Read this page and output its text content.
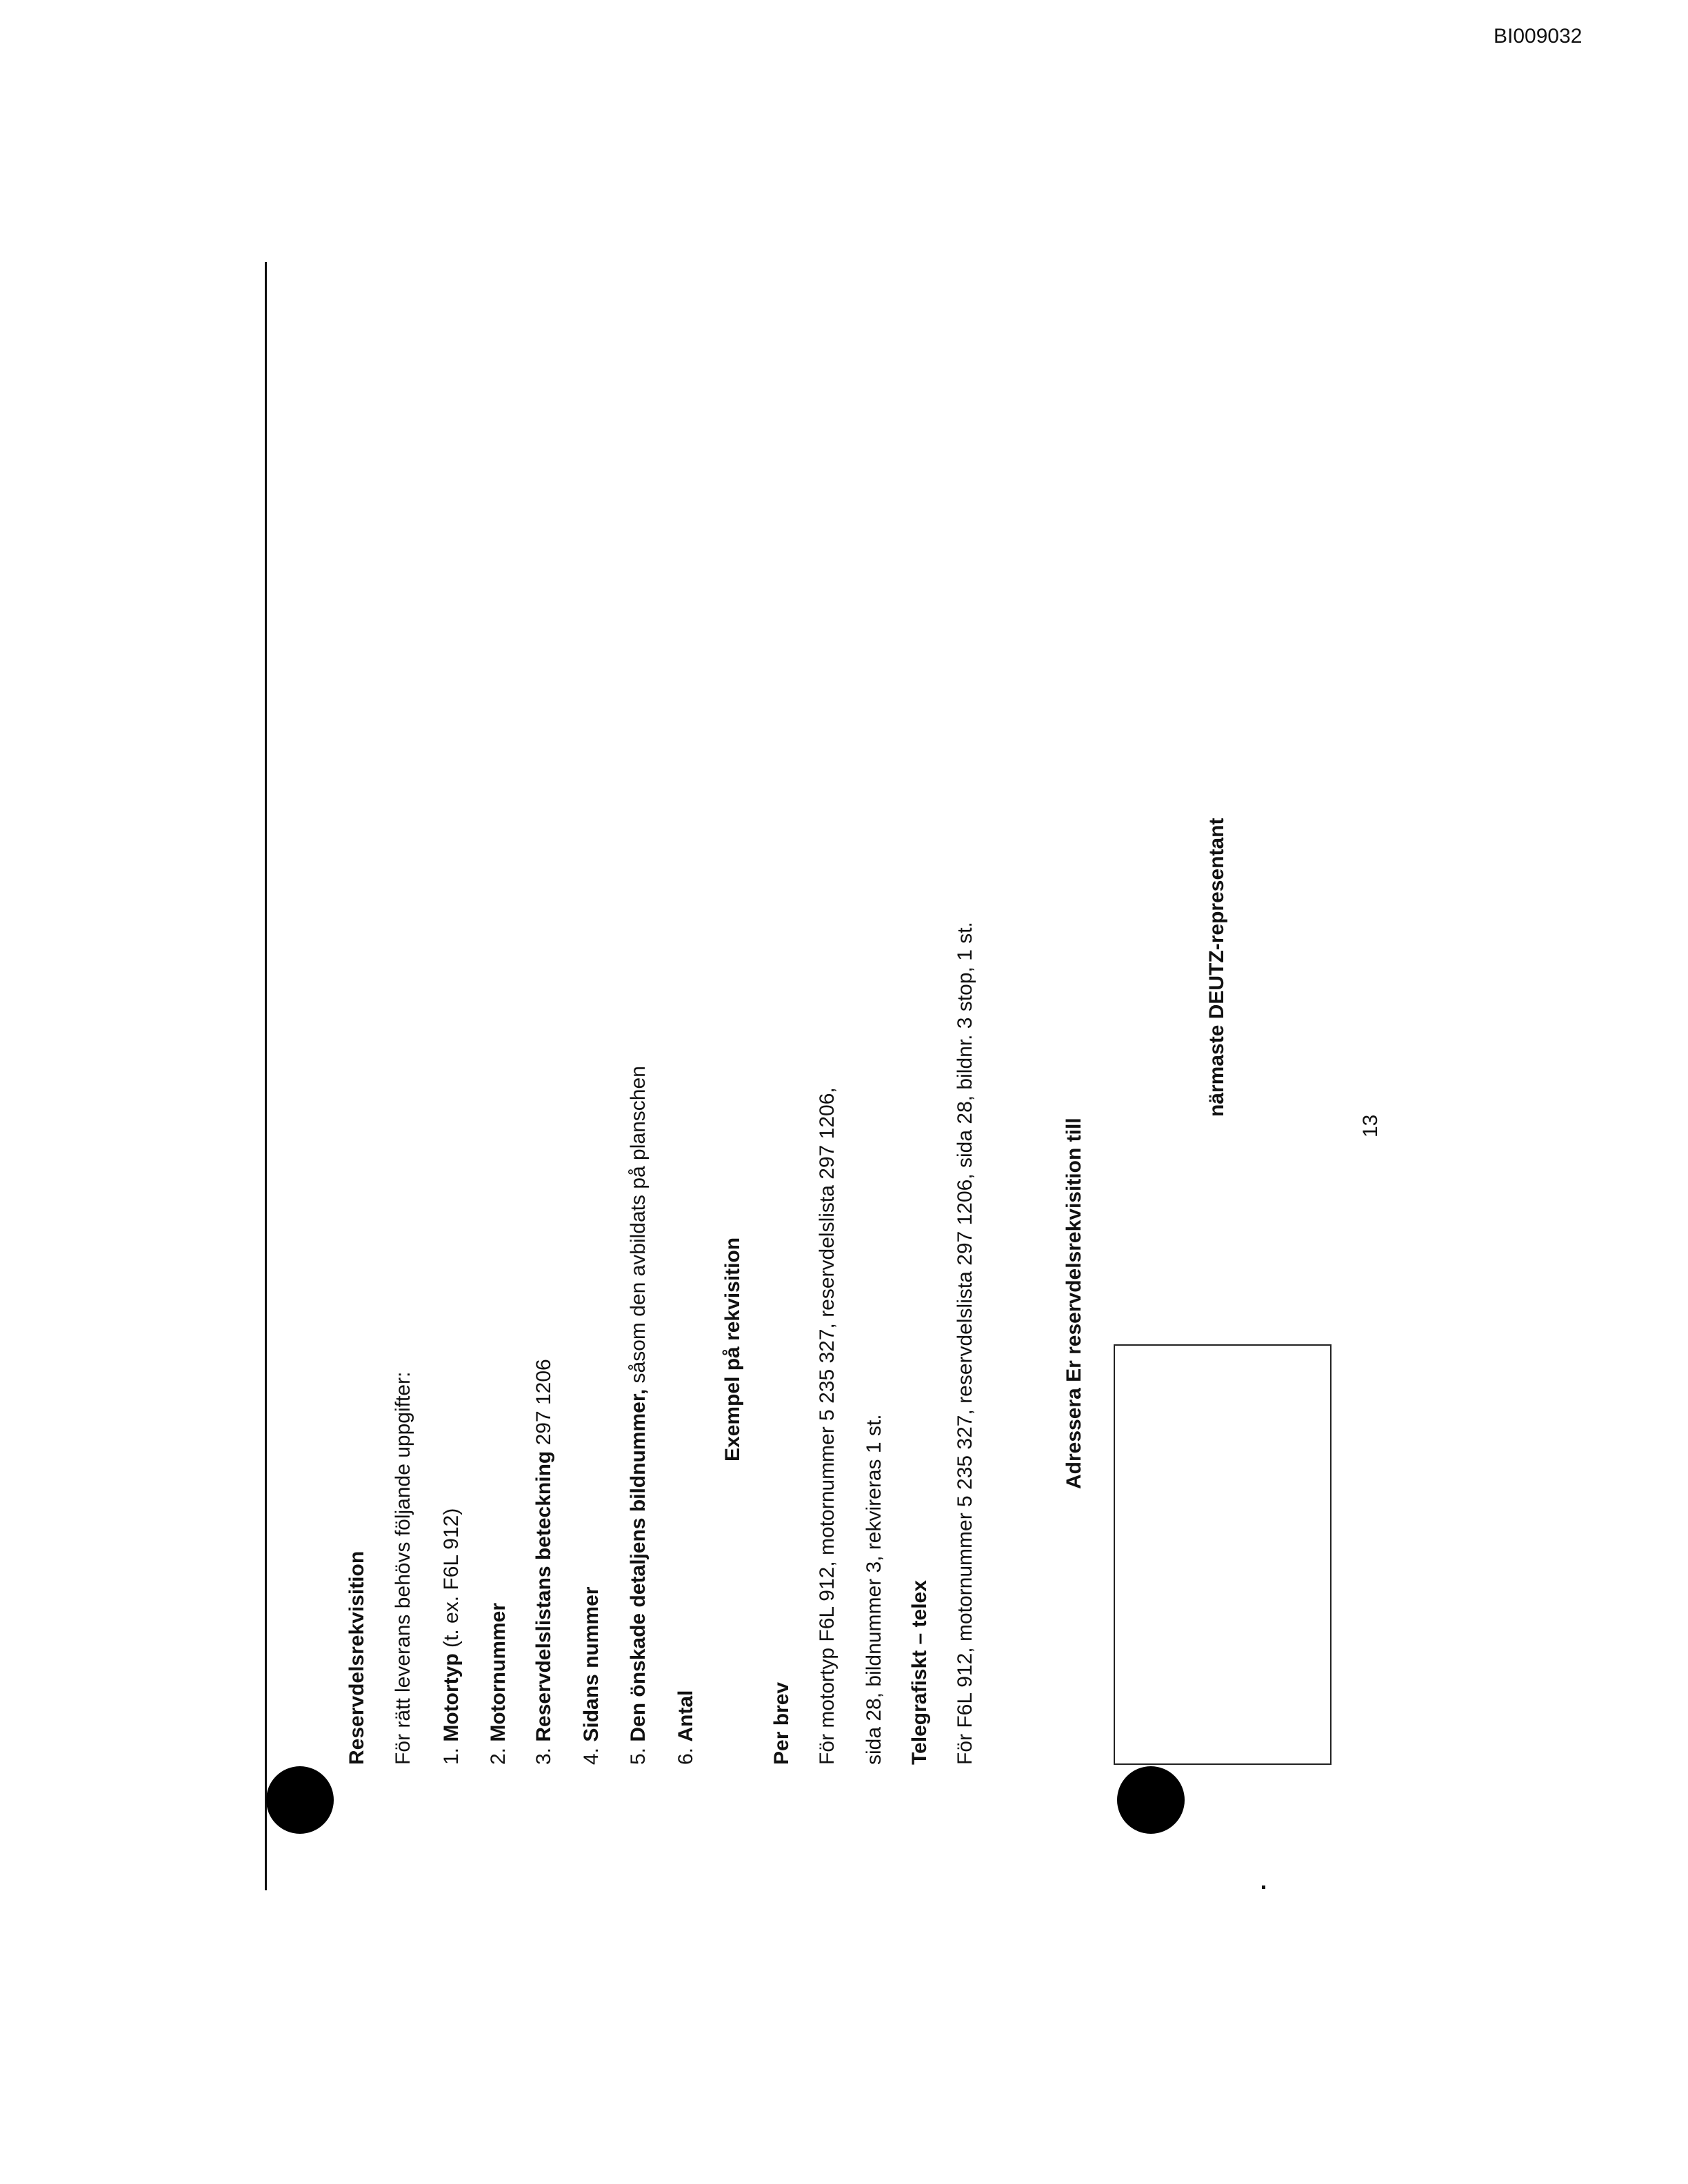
BI009032
Reservdelsrekvisition För rätt leverans behövs följande uppgifter: 1. Motortyp (t. ex. F6L 912)
2. Motornummer
3. Reservdelslistans beteckning 297 1206
4. Sidans nummer
5. Den önskade detaljens bildnummer, såsom den avbildats på planschen
6. Antal
Exempel på rekvisition
Per brev För motortyp F6L 912, motornummer 5 235 327, reservdelslista 297 1206, sida 28, bildnummer 3, rekvireras 1 st. Telegrafiskt – telex För F6L 912, motornummer 5 235 327, reservdelslista 297 1206, sida 28, bildnr. 3 stop, 1 st.	Adressera Er reservdelsrekvisition till
närmaste DEUTZ-representant
13
